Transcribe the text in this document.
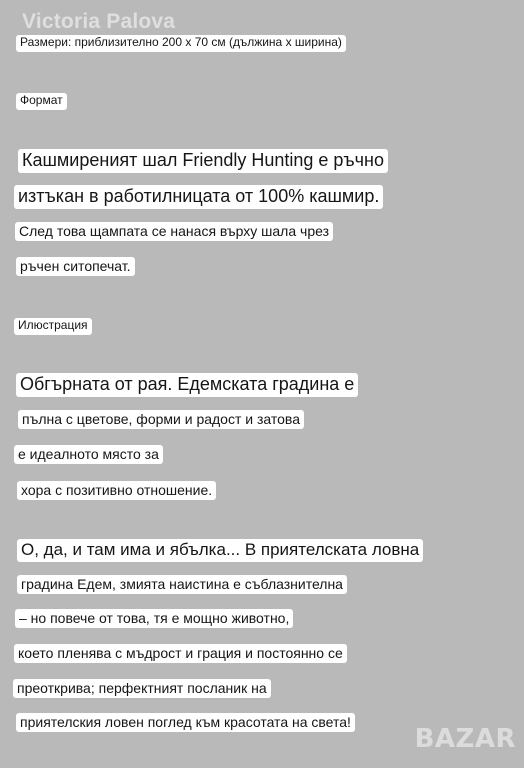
Victoria Palova
Размери: приблизително 200 x 70 см (дължина x ширина)
Формат
Кашмиреният шал Friendly Hunting е ръчно
изтъкан в работилницата от 100% кашмир.
След това щампата се нанася върху шала чрез
ръчен ситопечат.
Илюстрация
Обгърната от рая. Едемската градина е
пълна с цветове, форми и радост и затова
е идеалното място за
хора с позитивно отношение.
О, да, и там има и ябълка... В приятелската ловна
градина Едем, змията наистина е съблазнителна
– но повече от това, тя е мощно животно,
което пленява с мъдрост и грация и постоянно се
преоткрива; перфектният посланик на
приятелския ловен поглед към красотата на света!
BAZAR
